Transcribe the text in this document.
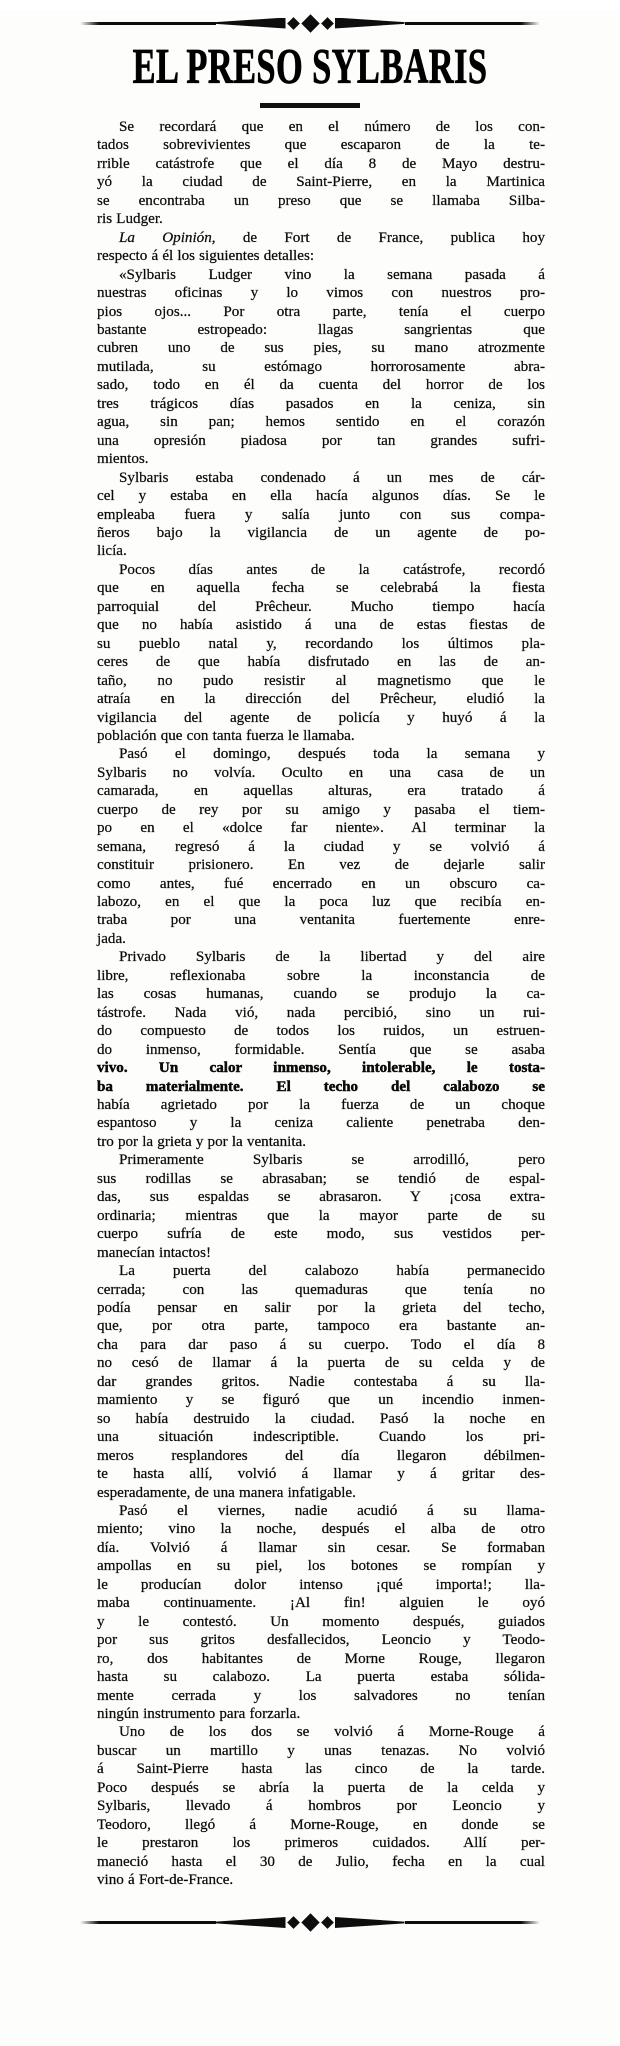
EL PRESO SYLBARIS

Se recordará que en el número de los con-
tados sobrevivientes que escaparon de la te-
rrible catástrofe que el día 8 de Mayo destru-
yó la ciudad de Saint-Pierre, en la Martinica
se encontraba un preso que se llamaba Silba-
ris Ludger.

La Opinión, de Fort de France, publica hoy
respecto á él los siguientes detalles:

«Sylbaris Ludger vino la semana pasada á
nuestras oficinas y lo vimos con nuestros pro-
pios ojos... Por otra parte, tenía el cuerpo
bastante estropeado: llagas sangrientas que
cubren uno de sus pies, su mano atrozmente
mutilada, su estómago horrorosamente abra-
sado, todo en él da cuenta del horror de los
tres trágicos días pasados en la ceniza, sin
agua, sin pan; hemos sentido en el corazón
una opresión piadosa por tan grandes sufri-
mientos.

Sylbaris estaba condenado á un mes de cár-
cel y estaba en ella hacía algunos días. Se le
empleaba fuera y salía junto con sus compa-
ñeros bajo la vigilancia de un agente de po-
licía.

Pocos días antes de la catástrofe, recordó
que en aquella fecha se celebrabá la fiesta
parroquial del Prêcheur. Mucho tiempo hacía
que no había asistido á una de estas fiestas de
su pueblo natal y, recordando los últimos pla-
ceres de que había disfrutado en las de an-
taño, no pudo resistir al magnetismo que le
atraía en la dirección del Prêcheur, eludió la
vigilancia del agente de policía y huyó á la
población que con tanta fuerza le llamaba.

Pasó el domingo, después toda la semana y
Sylbaris no volvía. Oculto en una casa de un
camarada, en aquellas alturas, era tratado á
cuerpo de rey por su amigo y pasaba el tiem-
po en el «dolce far niente». Al terminar la
semana, regresó á la ciudad y se volvió á
constituir prisionero. En vez de dejarle salir
como antes, fué encerrado en un obscuro ca-
labozo, en el que la poca luz que recibía en-
traba por una ventanita fuertemente enre-
jada.

Privado Sylbaris de la libertad y del aire
libre, reflexionaba sobre la inconstancia de
las cosas humanas, cuando se produjo la ca-
tástrofe. Nada vió, nada percibió, sino un rui-
do compuesto de todos los ruidos, un estruen-
do inmenso, formidable. Sentía que se asaba
vivo. Un calor inmenso, intolerable, le tosta-
ba materialmente. El techo del calabozo se
había agrietado por la fuerza de un choque
espantoso y la ceniza caliente penetraba den-
tro por la grieta y por la ventanita.

Primeramente Sylbaris se arrodilló, pero
sus rodillas se abrasaban; se tendió de espal-
das, sus espaldas se abrasaron. Y ¡cosa extra-
ordinaria; mientras que la mayor parte de su
cuerpo sufría de este modo, sus vestidos per-
manecían intactos!

La puerta del calabozo había permanecido
cerrada; con las quemaduras que tenía no
podía pensar en salir por la grieta del techo,
que, por otra parte, tampoco era bastante an-
cha para dar paso á su cuerpo. Todo el día 8
no cesó de llamar á la puerta de su celda y de
dar grandes gritos. Nadie contestaba á su lla-
mamiento y se figuró que un incendio inmen-
so había destruido la ciudad. Pasó la noche en
una situación indescriptible. Cuando los pri-
meros resplandores del día llegaron débilmen-
te hasta allí, volvió á llamar y á gritar des-
esperadamente, de una manera infatigable.

Pasó el viernes, nadie acudió á su llama-
miento; vino la noche, después el alba de otro
día. Volvió á llamar sin cesar. Se formaban
ampollas en su piel, los botones se rompían y
le producían dolor intenso ¡qué importa!; lla-
maba continuamente. ¡Al fin! alguien le oyó
y le contestó. Un momento después, guiados
por sus gritos desfallecidos, Leoncio y Teodo-
ro, dos habitantes de Morne Rouge, llegaron
hasta su calabozo. La puerta estaba sólida-
mente cerrada y los salvadores no tenían
ningún instrumento para forzarla.

Uno de los dos se volvió á Morne-Rouge á
buscar un martillo y unas tenazas. No volvió
á Saint-Pierre hasta las cinco de la tarde.
Poco después se abría la puerta de la celda y
Sylbaris, llevado á hombros por Leoncio y
Teodoro, llegó á Morne-Rouge, en donde se
le prestaron los primeros cuidados. Allí per-
maneció hasta el 30 de Julio, fecha en la cual
vino á Fort-de-France.
